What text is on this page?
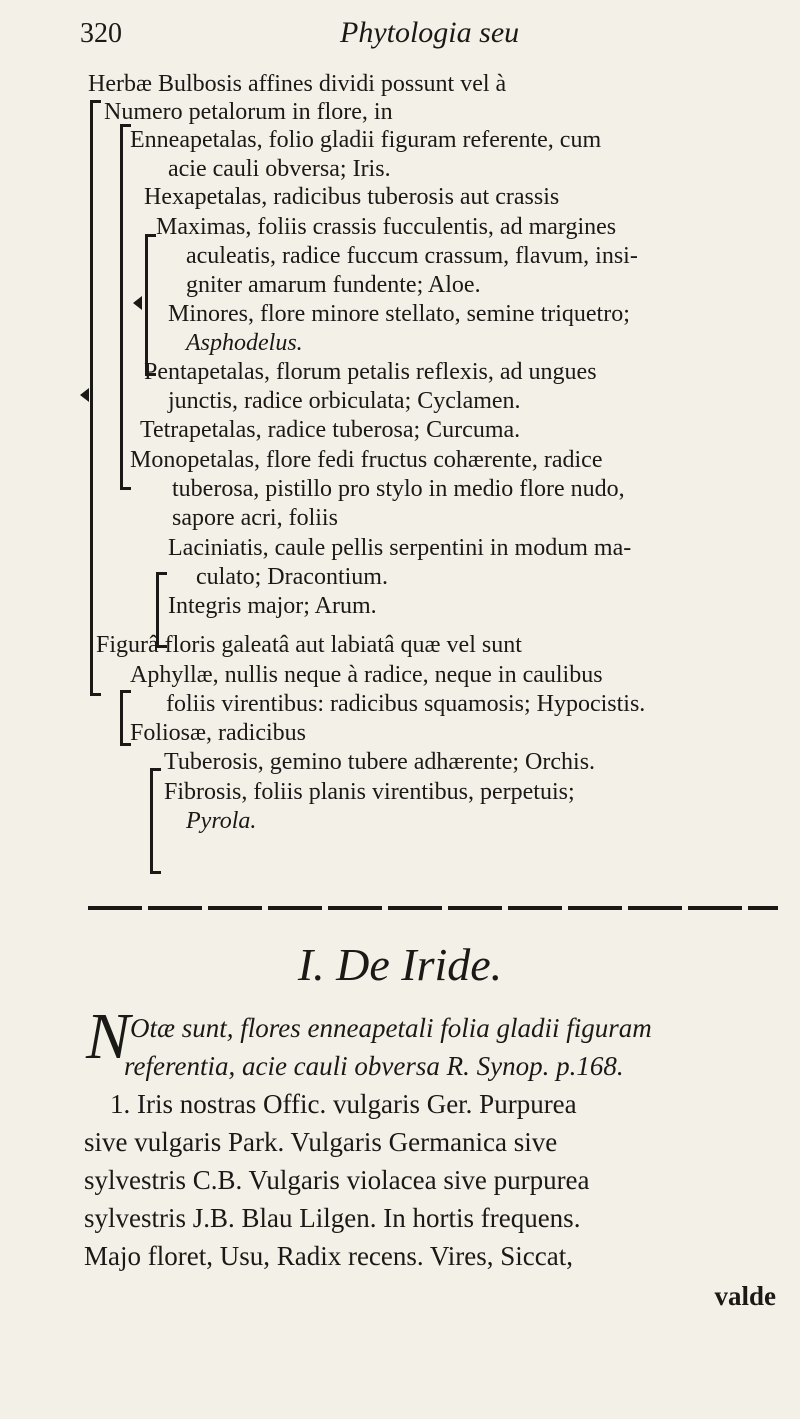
320	Phytologia seu
Herbæ Bulbosis affines dividi possunt vel à
Numero petalorum in flore, in
Enneapetalas, folio gladii figuram referente, cum
acie cauli obversa; Iris.
Hexapetalas, radicibus tuberosis aut crassis
Maximas, foliis crassis fucculentis, ad margines
aculeatis, radice fuccum crassum, flavum, insi-
gniter amarum fundente; Aloe.
Minores, flore minore stellato, semine triquetro;
Asphodelus.
Pentapetalas, florum petalis reflexis, ad ungues
junctis, radice orbiculata; Cyclamen.
Tetrapetalas, radice tuberosa; Curcuma.
Monopetalas, flore fedi fructus cohærente, radice
tuberosa, pistillo pro stylo in medio flore nudo,
sapore acri, foliis
Laciniatis, caule pellis serpentini in modum ma-
culato; Dracontium.
Integris major; Arum.
Figurâ floris galeatâ aut labiatâ quæ vel sunt
Aphyllæ, nullis neque à radice, neque in caulibus
foliis virentibus: radicibus squamosis; Hypocistis.
Foliosæ, radicibus
Tuberosis, gemino tubere adhærente; Orchis.
Fibrosis, foliis planis virentibus, perpetuis;
Pyrola.
I. De Iride.
N Otæ sunt, flores enneapetali folia gladii figuram
referentia, acie cauli obversa R. Synop. p.168.
1. Iris nostras Offic. vulgaris Ger. Purpurea
sive vulgaris Park. Vulgaris Germanica sive
sylvestris C.B. Vulgaris violacea sive purpurea
sylvestris J.B. Blau Lilgen. In hortis frequens.
Majo floret, Usu, Radix recens. Vires, Siccat,
valde
